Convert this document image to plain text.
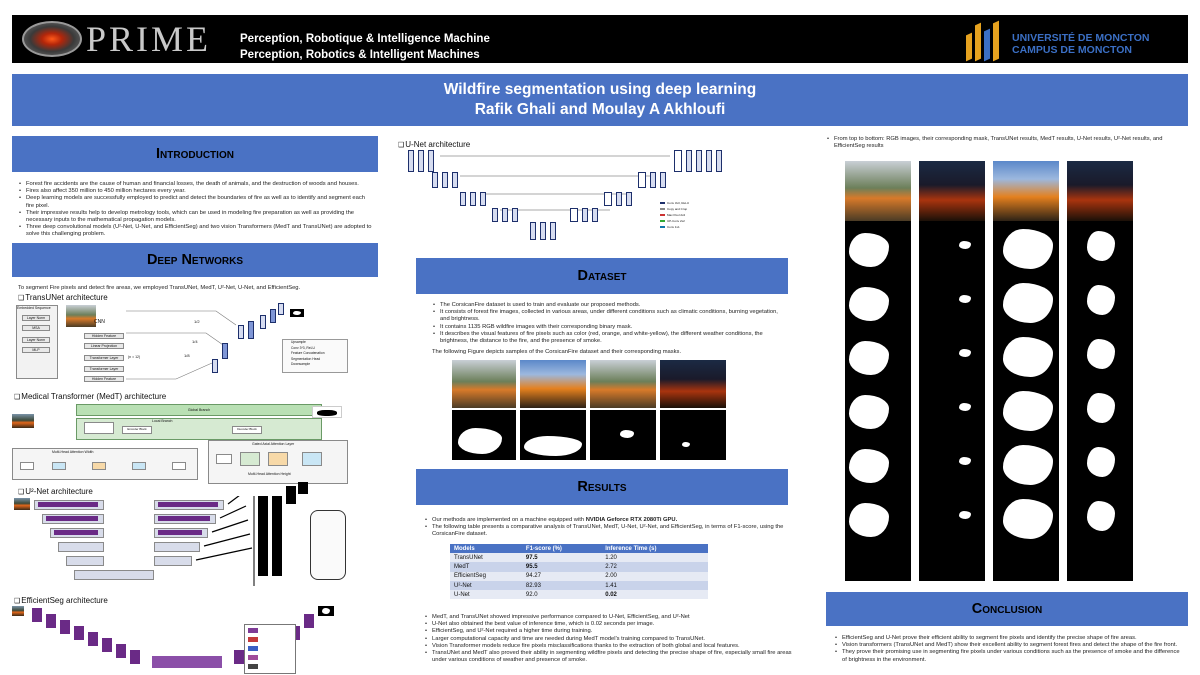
PRIME	Perception, Robotique & Intelligence Machine
Perception, Robotics & Intelligent Machines
UNIVERSITÉ DE MONCTON
CAMPUS DE MONCTON
Wildfire segmentation using deep learning
Rafik Ghali and Moulay A Akhloufi
Introduction
• Forest fire accidents are the cause of human and financial losses, the death of animals, and the destruction of woods and houses.
• Fires also affect 350 million to 450 million hectares every year.
• Deep learning models are successfully employed to predict and detect the boundaries of fire as well as to identify and segment each fire pixel.
• Their impressive results help to develop metrology tools, which can be used in modeling fire preparation as well as providing the necessary inputs to the mathematical propagation models.
• Three deep convolutional models (U²-Net, U-Net, and EfficientSeg) and two vision Transformers (MedT and TransUNet) are adopted to solve this challenging problem.
Deep Networks
To segment Fire pixels and detect fire areas, we employed TransUNet, MedT, U²-Net, U-Net, and EfficientSeg.
❑ TransUNet architecture
Embedded Sequence
Layer Norm
MSA
Layer Norm
MLP
CNN
Hidden Feature
Linear Projection
Transformer Layer	(n = 12)
Transformer Layer
Hidden Feature
1/2
1/4
1/8
Upsample
Conv 3*3, ReLU
Feature Concatenation
Segmentation Head
Downsample
❑ Medical Transformer (MedT) architecture
Global Branch
Local Branch
Encoder Block	Decoder Block
Multi-Head Attention Width
Gated Axial Attention Layer
Multi-Head Attention Height
❑ U²-Net architecture
❑ EfficientSeg architecture
❑ U-Net architecture
Conv 3x3, ReLU
Copy and Crop
Max Pool 2x2
UP-Conv 2x2
Conv 1x1
Dataset
• The CorsicanFire dataset is used to train and evaluate our proposed methods.
• It consists of forest fire images, collected in various areas, under different conditions such as climatic conditions, burning vegetation, and brightness.
• It contains 1135 RGB wildfire images with their corresponding binary mask.
• It describes the visual features of fire pixels such as color (red, orange, and white-yellow), the different weather conditions, the brightness, the distance to the fire, and the presence of smoke.
The following Figure depicts samples of the CorsicanFire dataset and their corresponding masks.
Results
• Our methods are implemented on a machine equipped with NVIDIA Geforce RTX 2080Ti GPU.
• The following table presents a comparative analysis of TransUNet, MedT, U-Net, U²-Net, and EfficientSeg, in terms of F1-score, using the CorsicanFire dataset.
Models	F1-score (%)	Inference Time (s)
TransUNet	97.5	1.20
MedT	95.5	2.72
EfficientSeg	94.27	2.00
U²-Net	82.93	1.41
U-Net	92.0	0.02
• MedT, and TransUNet showed impressive performance compared to U-Net, EfficientSeg, and U²-Net
• U-Net also obtained the best value of inference time, which is 0.02 seconds per image.
• EfficientSeg, and U²-Net required a higher time during training.
• Larger computational capacity and time are needed during MedT model's training compared to TransUNet.
• Vision Transformer models reduce fire pixels misclassifications thanks to the extraction of both global and local features.
• TransUNet and MedT also proved their ability in segmenting wildfire pixels and detecting the precise shape of fire, especially small fire areas under various conditions of weather and presence of smoke.
• From top to bottom: RGB images, their corresponding mask, TransUNet results, MedT results, U-Net results, U²-Net results, and EfficientSeg results
Conclusion
• EfficientSeg and U-Net prove their efficient ability to segment fire pixels and identify the precise shape of fire areas.
• Vision transformers (TransUNet and MedT) show their excellent ability to segment forest fires and detect the shape of the fire front.
• They prove their promising use in segmenting fire pixels under various conditions such as the presence of smoke and the difference of brightness in the environment.
